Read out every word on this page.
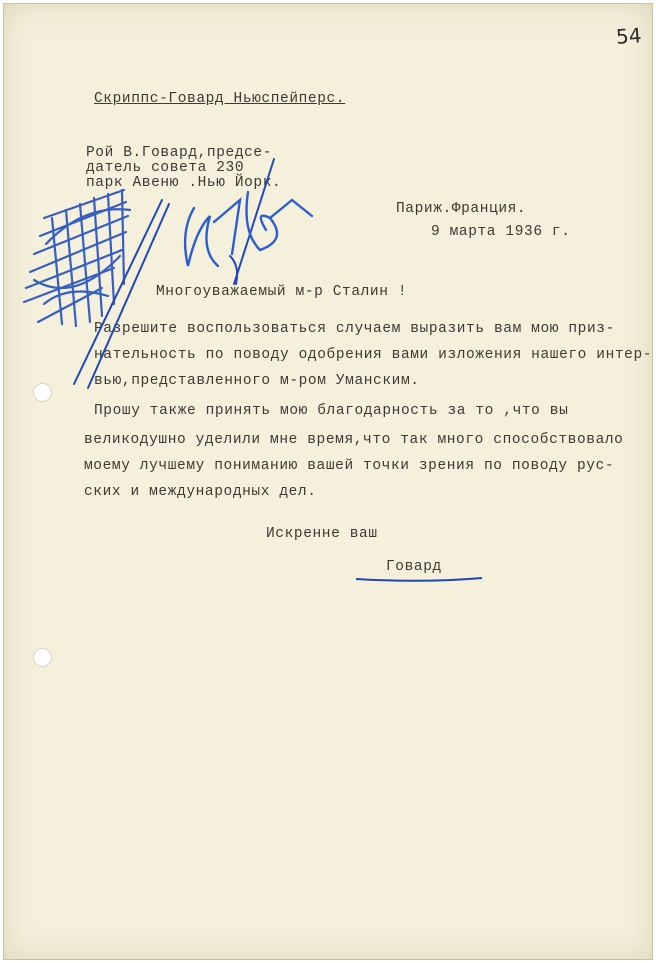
54
Скриппс-Говард Ньюспейперс.
Рой В.Говард,предсе-
датель совета 230
парк Авеню .Нью Йорк.
Париж.Франция.
9 марта 1936 г.
Многоуважаемый м-р Сталин !
Разрешите воспользоваться случаем выразить вам мою приз-
нательность по поводу одобрения вами изложения нашего интер-
вью,представленного м-ром Уманским.
Прошу также принять мою благодарность за то ,что вы
великодушно уделили мне время,что так много способствовало
моему лучшему пониманию вашей точки зрения по поводу рус-
ских и международных дел.
Искренне ваш
Говард
